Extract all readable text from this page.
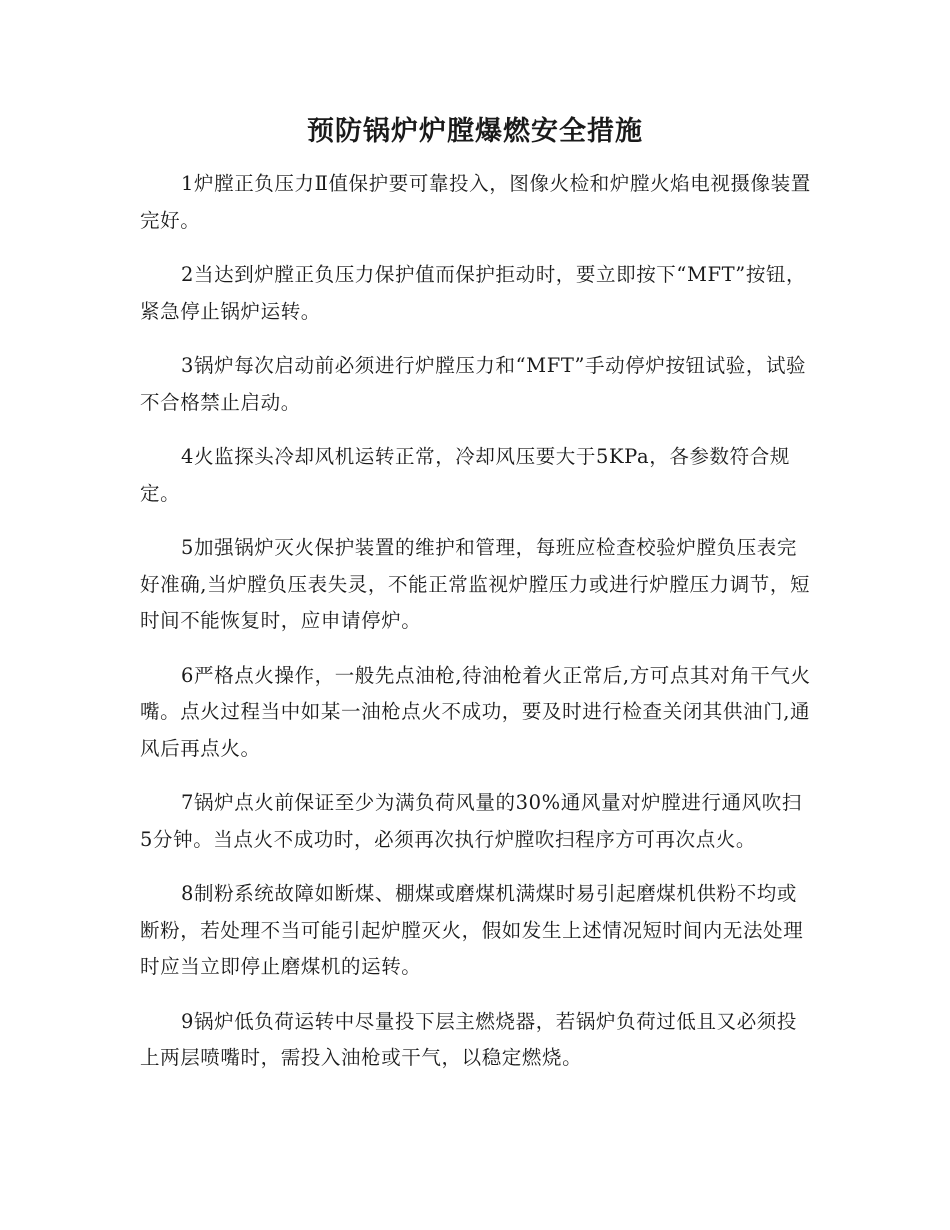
预防锅炉炉膛爆燃安全措施

1炉膛正负压力Ⅱ值保护要可靠投入，图像火检和炉膛火焰电视摄像装置完好。

2当达到炉膛正负压力保护值而保护拒动时，要立即按下“MFT”按钮，紧急停止锅炉运转。

3锅炉每次启动前必须进行炉膛压力和“MFT”手动停炉按钮试验，试验不合格禁止启动。

4火监探头冷却风机运转正常，冷却风压要大于5KPa，各参数符合规定。

5加强锅炉灭火保护装置的维护和管理，每班应检查校验炉膛负压表完好准确,当炉膛负压表失灵，不能正常监视炉膛压力或进行炉膛压力调节，短时间不能恢复时，应申请停炉。

6严格点火操作，一般先点油枪,待油枪着火正常后,方可点其对角干气火嘴。点火过程当中如某一油枪点火不成功，要及时进行检查关闭其供油门,通风后再点火。

7锅炉点火前保证至少为满负荷风量的30%通风量对炉膛进行通风吹扫5分钟。当点火不成功时，必须再次执行炉膛吹扫程序方可再次点火。

8制粉系统故障如断煤、棚煤或磨煤机满煤时易引起磨煤机供粉不均或断粉，若处理不当可能引起炉膛灭火，假如发生上述情况短时间内无法处理时应当立即停止磨煤机的运转。

9锅炉低负荷运转中尽量投下层主燃烧器，若锅炉负荷过低且又必须投上两层喷嘴时，需投入油枪或干气，以稳定燃烧。
